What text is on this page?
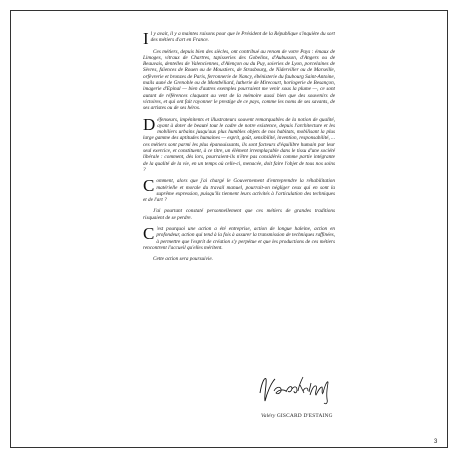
Il y avait, il y a maintes raisons pour que le Président de la République s'inquiète du sort des métiers d'art en France.

Ces métiers, depuis bien des siècles, ont contribué au renom de votre Pays : émaux de Limoges, vitraux de Chartres, tapisseries des Gobelins, d'Aubusson, d'Angers ou de Beauvais, dentelles de Valenciennes, d'Alençon ou du Puy, soieries de Lyon, porcelaines de Sèvres, faïences de Rouen ou de Moustiers, de Strasbourg, de Niderviller ou de Marseille, orfèvrerie et bronzes de Paris, ferronnerie de Nancy, ébénisterie du faubourg Saint-Antoine, mails auné de Grenoble ou de Montbéliard, lutherie de Mirecourt, horlogerie de Besançon, imagerie d'Epinal — bien d'autres exemples pourraient me venir sous la plume —, ce sont autant de références claquant au vent de la mémoire aussi bien que des souvenirs de victoires, et qui ont fait rayonner le prestige de ce pays, comme les noms de ses savants, de ses artistes ou de ses héros.

Défenseurs, impénitents et illustrateurs souvent remarquables de la notion de qualité, ayant à doter de beauté tout le cadre de notre existence, depuis l'architecture et les mobiliers urbains jusqu'aux plus humbles objets de nos habitats, mobilisant la plus large gamme des aptitudes humaines — esprit, goût, sensibilité, invention, responsabilité, ... ces métiers sont parmi les plus épanouissants, ils sont facteurs d'équilibre humain par leur seul exercice, et constituent, à ce titre, un élément irremplaçable dans le tissu d'une société libérale : comment, dès lors, pourraient-ils n'être pas considérés comme partie intégrante de la qualité de la vie, en un temps où celle-ci, menacée, doit faire l'objet de tous nos soins ?

Comment, alors que j'ai chargé le Gouvernement d'entreprendre la réhabilitation matérielle et morale du travail manuel, pourrait-on négliger ceux qui en sont la suprême expression, puisqu'ils tiennent leurs activités à l'articulation des techniques et de l'art ?

J'ai pourtant constaté personnellement que ces métiers de grandes traditions risquaient de se perdre.

C 'est pourquoi une action a été entreprise, action de longue haleine, action en profondeur, action qui tend à la fois à assurer la transmission de techniques raffinées, à permettre que l'esprit de création s'y perpétue et que les productions de ces métiers rencontrent l'accueil qu'elles méritent.

Cette action sera poursuivie.

Valéry GISCARD D'ESTAING
3
